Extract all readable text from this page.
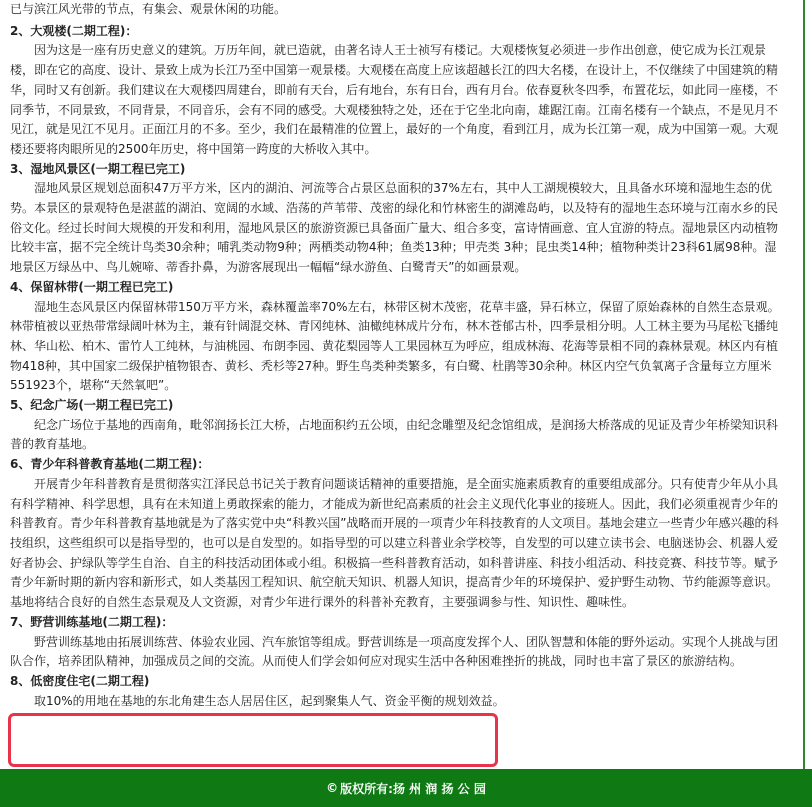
已与滨江风光带的节点，有集会、观景休闲的功能。

2、大观楼(二期工程)：

因为这是一座有历史意义的建筑。万历年间，就已造就，由著名诗人王士祯写有楼记。大观楼恢复必须进一步作出创意，使它成为长江观景楼，即在它的高度、设计、景致上成为长江乃至中国第一观景楼。大观楼在高度上应该超越长江的四大名楼，在设计上，不仅继续了中国建筑的精华，同时又有创新。我们建议在大观楼四周建台，即前有天台，后有地台，东有日台，西有月台。依春夏秋冬四季，布置花坛，如此同一座楼，不同季节，不同景致，不同背景，不同音乐，会有不同的感受。大观楼独特之处，还在于它坐北向南，雄踞江南。江南名楼有一个缺点，不是见月不见江，就是见江不见月。正面江月的不多。至少，我们在最精准的位置上，最好的一个角度，看到江月，成为长江第一观，成为中国第一观。大观楼还要将肉眼所见的2500年历史，将中国第一跨度的大桥收入其中。

3、湿地风景区(一期工程已完工)

湿地风景区规划总面积47万平方米，区内的湖泊、河流等合占景区总面积的37%左右，其中人工湖规模较大，且具备水环境和湿地生态的优势。本景区的景观特色是湛蓝的湖泊、宽阔的水域、浩荡的芦苇带、茂密的绿化和竹林密生的湖滩岛屿，以及特有的湿地生态环境与江南水乡的民俗文化。经过长时间大规模的开发和利用，湿地风景区的旅游资源已具备面广量大、组合多变，富诗情画意、宜人宜游的特点。湿地景区内动植物比较丰富，据不完全统计鸟类30余种；哺乳类动物9种；两栖类动物4种；鱼类13种；甲壳类 3种；昆虫类14种；植物种类计23科61属98种。湿地景区万绿丛中、鸟儿婉啼、蒂香扑鼻，为游客展现出一幅幅“绿水游鱼、白鹭青天”的如画景观。

4、保留林带(一期工程已完工)

湿地生态风景区内保留林带150万平方米，森林覆盖率70%左右，林带区树木茂密，花草丰盛，异石林立，保留了原始森林的自然生态景观。林带植被以亚热带常绿阔叶林为主，兼有针阔混交林、青冈纯林、油橄纯林成片分布，林木苍郁古朴，四季景相分明。人工林主要为马尾松飞播纯林、华山松、柏木、雷竹人工纯林，与油桃园、布朗李园、黄花梨园等人工果园林互为呼应，组成林海、花海等景相不同的森林景观。林区内有植物418种，其中国家二级保护植物银杏、黄杉、秃杉等27种。野生鸟类种类繁多，有白鹭、杜鹃等30余种。林区内空气负氧离子含量每立方厘米551923个，堪称“天然氧吧”。

5、纪念广场(一期工程已完工)

纪念广场位于基地的西南角，毗邻润扬长江大桥，占地面积约五公顷，由纪念雕塑及纪念馆组成，是润扬大桥落成的见证及青少年桥梁知识科普的教育基地。

6、青少年科普教育基地(二期工程)：

开展青少年科普教育是贯彻落实江泽民总书记关于教育问题谈话精神的重要措施，是全面实施素质教育的重要组成部分。只有使青少年从小具有科学精神、科学思想，具有在未知道上勇敢探索的能力，才能成为新世纪高素质的社会主义现代化事业的接班人。因此，我们必须重视青少年的科普教育。青少年科普教育基地就是为了落实党中央“科教兴国”战略而开展的一项青少年科技教育的人文项目。基地会建立一些青少年感兴趣的科技组织，这些组织可以是指导型的，也可以是自发型的。如指导型的可以建立科普业余学校等，自发型的可以建立读书会、电脑迷协会、机器人爱好者协会、护绿队等学生自治、自主的科技活动团体或小组。积极搞一些科普教育活动，如科普讲座、科技小组活动、科技竞赛、科技节等。赋予青少年新时期的新内容和新形式，如人类基因工程知识、航空航天知识、机器人知识，提高青少年的环境保护、爱护野生动物、节约能源等意识。基地将结合良好的自然生态景观及人文资源，对青少年进行课外的科普补充教育，主要强调参与性、知识性、趣味性。

7、野营训练基地(二期工程)：

野营训练基地由拓展训练营、体验农业园、汽车旅馆等组成。野营训练是一项高度发挥个人、团队智慧和体能的野外运动。实现个人挑战与团队合作，培养团队精神，加强成员之间的交流。从而使人们学会如何应对现实生活中各种困难挫折的挑战，同时也丰富了景区的旅游结构。

8、低密度住宅(二期工程)

取10%的用地在基地的东北角建生态人居居住区，起到聚集人气、资金平衡的规划效益。

© 版权所有:扬 州 润 扬 公 园
